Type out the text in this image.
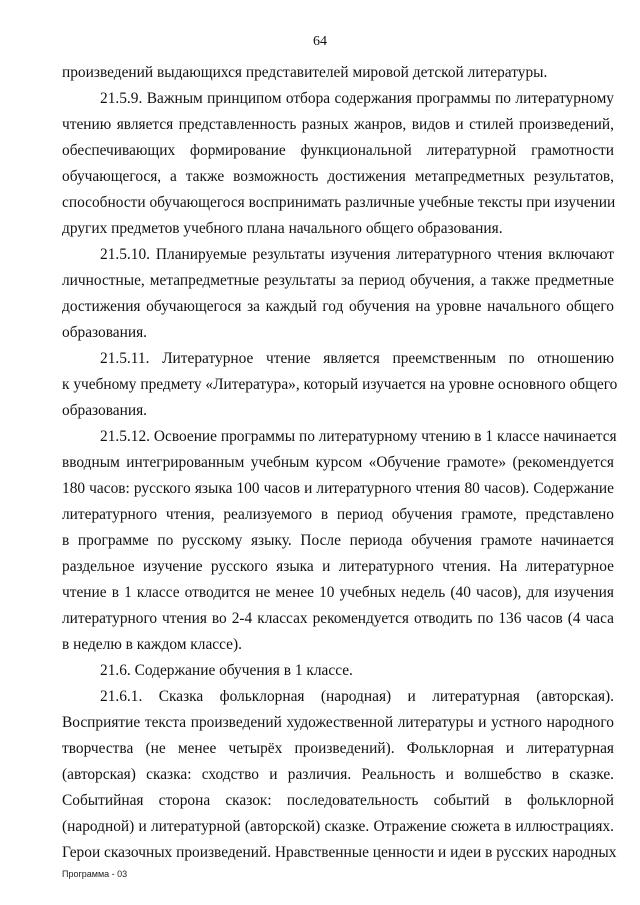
64
произведений выдающихся представителей мировой детской литературы.
21.5.9. Важным принципом отбора содержания программы по литературному
чтению является представленность разных жанров, видов и стилей произведений,
обеспечивающих формирование функциональной литературной грамотности
обучающегося, а также возможность достижения метапредметных результатов,
способности обучающегося воспринимать различные учебные тексты при изучении
других предметов учебного плана начального общего образования.
21.5.10. Планируемые результаты изучения литературного чтения включают
личностные, метапредметные результаты за период обучения, а также предметные
достижения обучающегося за каждый год обучения на уровне начального общего
образования.
21.5.11. Литературное чтение является преемственным по отношению
к учебному предмету «Литература», который изучается на уровне основного общего
образования.
21.5.12. Освоение программы по литературному чтению в 1 классе начинается
вводным интегрированным учебным курсом «Обучение грамоте» (рекомендуется
180 часов: русского языка 100 часов и литературного чтения 80 часов). Содержание
литературного чтения, реализуемого в период обучения грамоте, представлено
в программе по русскому языку. После периода обучения грамоте начинается
раздельное изучение русского языка и литературного чтения. На литературное
чтение в 1 классе отводится не менее 10 учебных недель (40 часов), для изучения
литературного чтения во 2-4 классах рекомендуется отводить по 136 часов (4 часа
в неделю в каждом классе).
21.6. Содержание обучения в 1 классе.
21.6.1. Сказка фольклорная (народная) и литературная (авторская).
Восприятие текста произведений художественной литературы и устного народного
творчества (не менее четырёх произведений). Фольклорная и литературная
(авторская) сказка: сходство и различия. Реальность и волшебство в сказке.
Событийная сторона сказок: последовательность событий в фольклорной
(народной) и литературной (авторской) сказке. Отражение сюжета в иллюстрациях.
Герои сказочных произведений. Нравственные ценности и идеи в русских народных
Программа - 03
